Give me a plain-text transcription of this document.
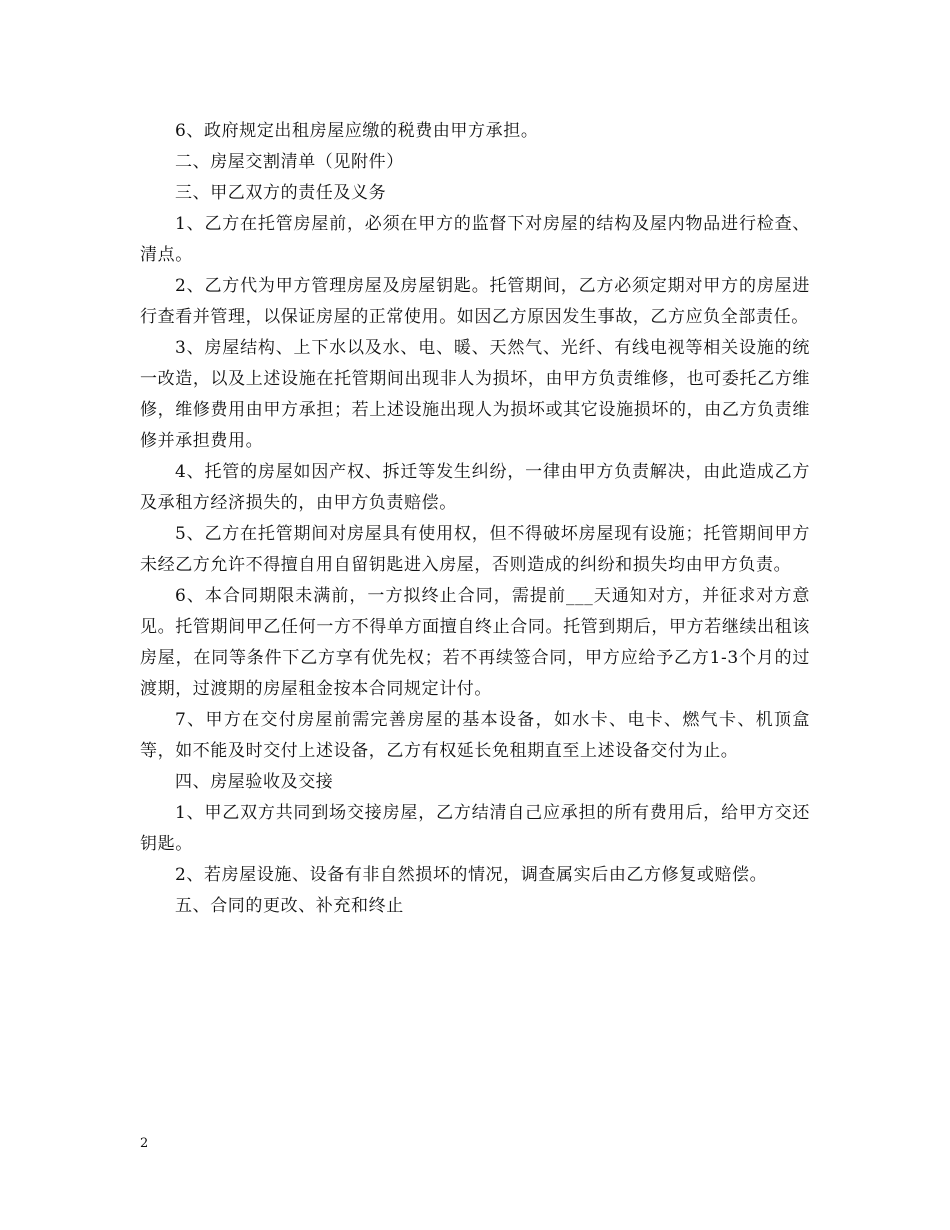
6、政府规定出租房屋应缴的税费由甲方承担。

二、房屋交割清单（见附件）

三、甲乙双方的责任及义务

1、乙方在托管房屋前，必须在甲方的监督下对房屋的结构及屋内物品进行检查、清点。

2、乙方代为甲方管理房屋及房屋钥匙。托管期间，乙方必须定期对甲方的房屋进行查看并管理，以保证房屋的正常使用。如因乙方原因发生事故，乙方应负全部责任。

3、房屋结构、上下水以及水、电、暖、天然气、光纤、有线电视等相关设施的统一改造，以及上述设施在托管期间出现非人为损坏，由甲方负责维修，也可委托乙方维修，维修费用由甲方承担；若上述设施出现人为损坏或其它设施损坏的，由乙方负责维修并承担费用。

4、托管的房屋如因产权、拆迁等发生纠纷，一律由甲方负责解决，由此造成乙方及承租方经济损失的，由甲方负责赔偿。

5、乙方在托管期间对房屋具有使用权，但不得破坏房屋现有设施；托管期间甲方未经乙方允许不得擅自用自留钥匙进入房屋，否则造成的纠纷和损失均由甲方负责。

6、本合同期限未满前，一方拟终止合同，需提前___天通知对方，并征求对方意见。托管期间甲乙任何一方不得单方面擅自终止合同。托管到期后，甲方若继续出租该房屋，在同等条件下乙方享有优先权；若不再续签合同，甲方应给予乙方1-3个月的过渡期，过渡期的房屋租金按本合同规定计付。

7、甲方在交付房屋前需完善房屋的基本设备，如水卡、电卡、燃气卡、机顶盒等，如不能及时交付上述设备，乙方有权延长免租期直至上述设备交付为止。

四、房屋验收及交接

1、甲乙双方共同到场交接房屋，乙方结清自己应承担的所有费用后，给甲方交还钥匙。

2、若房屋设施、设备有非自然损坏的情况，调查属实后由乙方修复或赔偿。

五、合同的更改、补充和终止

2
